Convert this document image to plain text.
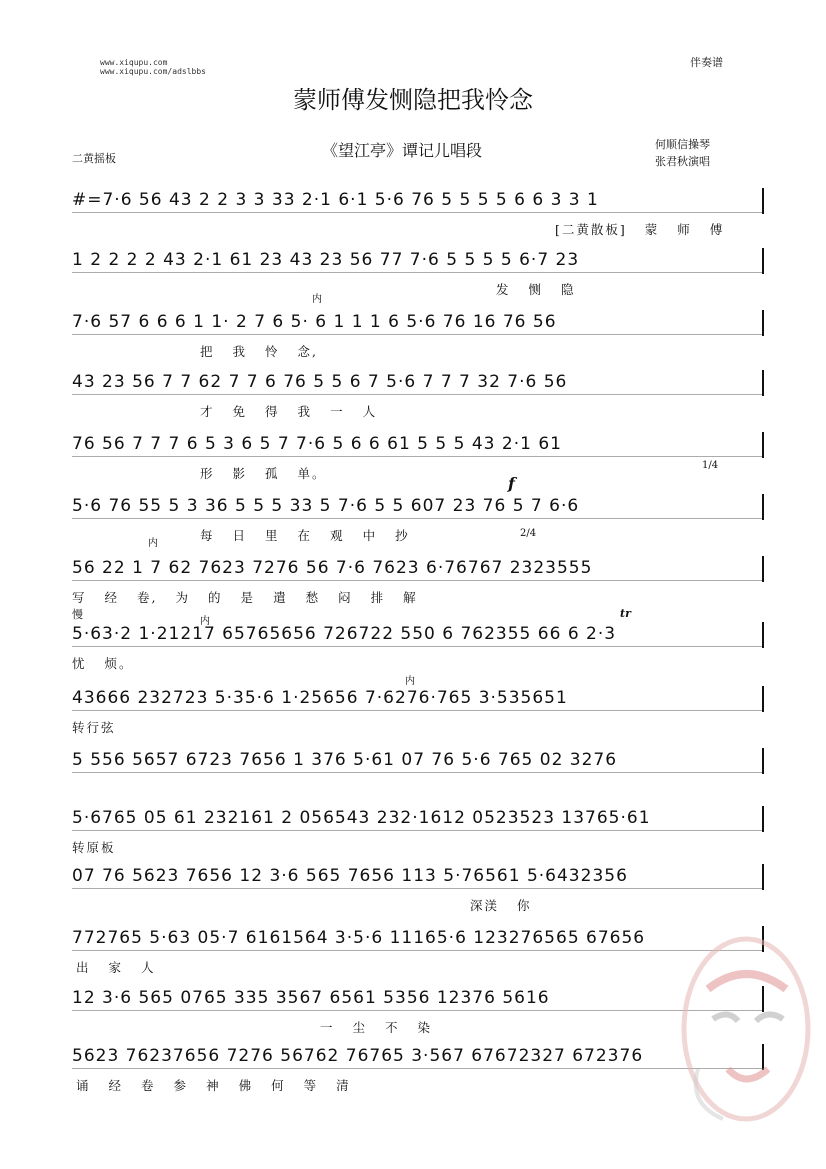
www.xiqupu.com
www.xiqupu.com/adslbbs
伴奏谱
蒙师傅发恻隐把我怜念
《望江亭》谭记儿唱段
二黄摇板
何顺信操琴
张君秋演唱
#=7·6 56 43 2 2 3 3 33 2·1 6·1 5·6 76 5 5 5 5 6 6 3 3 1
[二黄散板] 蒙 师 傅
1 2 2 2 2 43 2·1 61 23 43 23 56 77 7·6 5 5 5 5 6·7 23
发 恻 隐
7·6 57 6 6 6 1 1· 2 7 6 5· 6 1 1 1 6 5·6 76 16 76 56
把 我 怜 念,
43 23 56 7 7 62 7 7 6 76 5 5 6 7 5·6 7 7 7 32 7·6 56
才 免 得 我 一 人
76 56 7 7 7 6 5 3 6 5 7 7·6 5 6 6 61 5 5 5 43 2·1 61
形 影 孤 单。
5·6 76 55 5 3 36 5 5 5 33 5 7·6 5 5 607 23 76 5 7 6·6
每 日 里 在 观 中 抄
56 22 1 7 62 7623 7276 56 7·6 7623 6·76767 2323555
写 经 卷, 为 的 是 遣 愁 闷 排 解
5·63·2 1·21217 65765656 726722 550 6 762355 66 6 2·3
忧 烦。
43666 232723 5·35·6 1·25656 7·6276·765 3·535651
转行弦
5 556 5657 6723 7656 1 376 5·61 07 76 5·6 765 02 3276
5·6765 05 61 232161 2 056543 232·1612 0523523 13765·61
转原板
07 76 5623 7656 12 3·6 565 7656 113 5·76561 5·6432356
深渼 你
772765 5·63 05·7 6161564 3·5·6 11165·6 123276565 67656
出 家 人
12 3·6 565 0765 335 3567 6561 5356 12376 5616
一 尘 不 染
5623 76237656 7276 56762 76765 3·567 67672327 672376
诵 经 卷 参 神 佛 何 等 清
f
慢	tr
1/4
2/4
内
内
内
内
